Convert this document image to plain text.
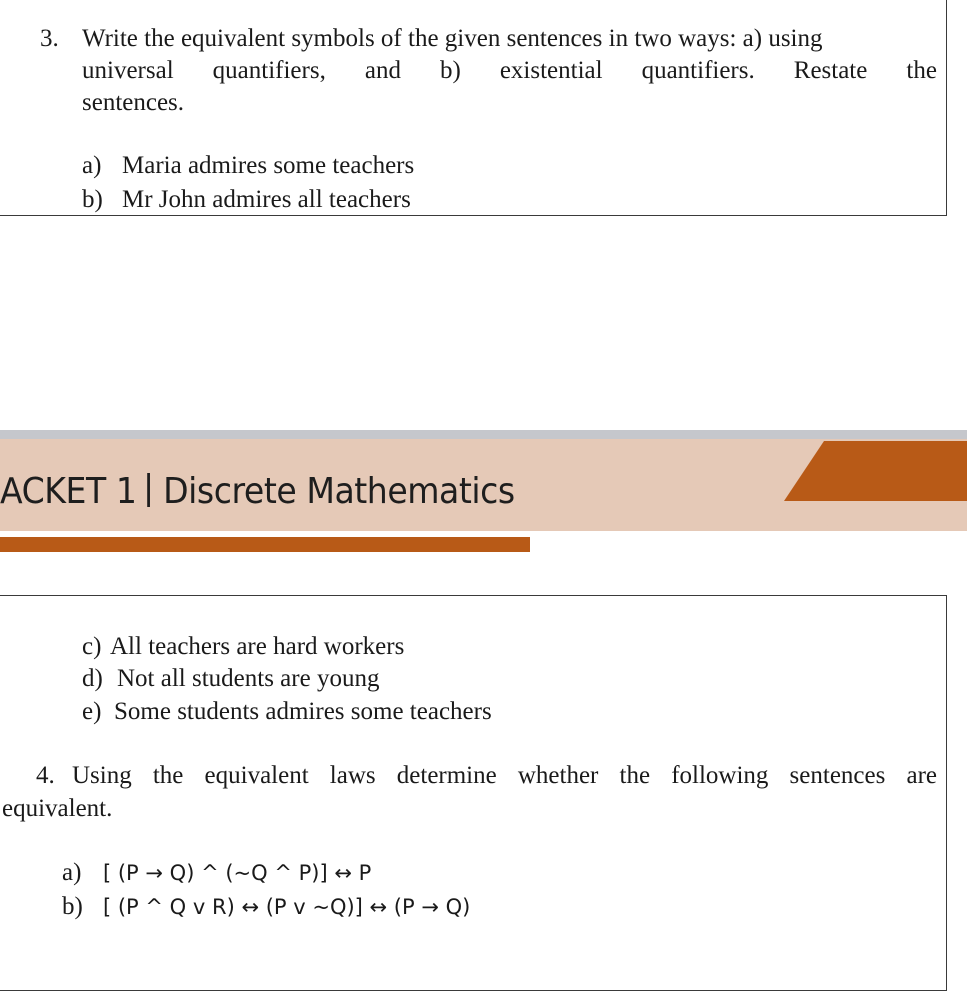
3. Write the equivalent symbols of the given sentences in two ways: a) using
universal quantifiers, and b) existential quantifiers. Restate the
sentences.
a) Maria admires some teachers
b) Mr John admires all teachers
ACKET 1 Discrete Mathematics
c) All teachers are hard workers
d) Not all students are young
e) Some students admires some teachers
4. Using the equivalent laws determine whether the following sentences are
equivalent.
a) [ (P → Q) ^ (~Q ^ P)] ↔ P
b) [ (P ^ Q v R) ↔ (P v ~Q)] ↔ (P → Q)
